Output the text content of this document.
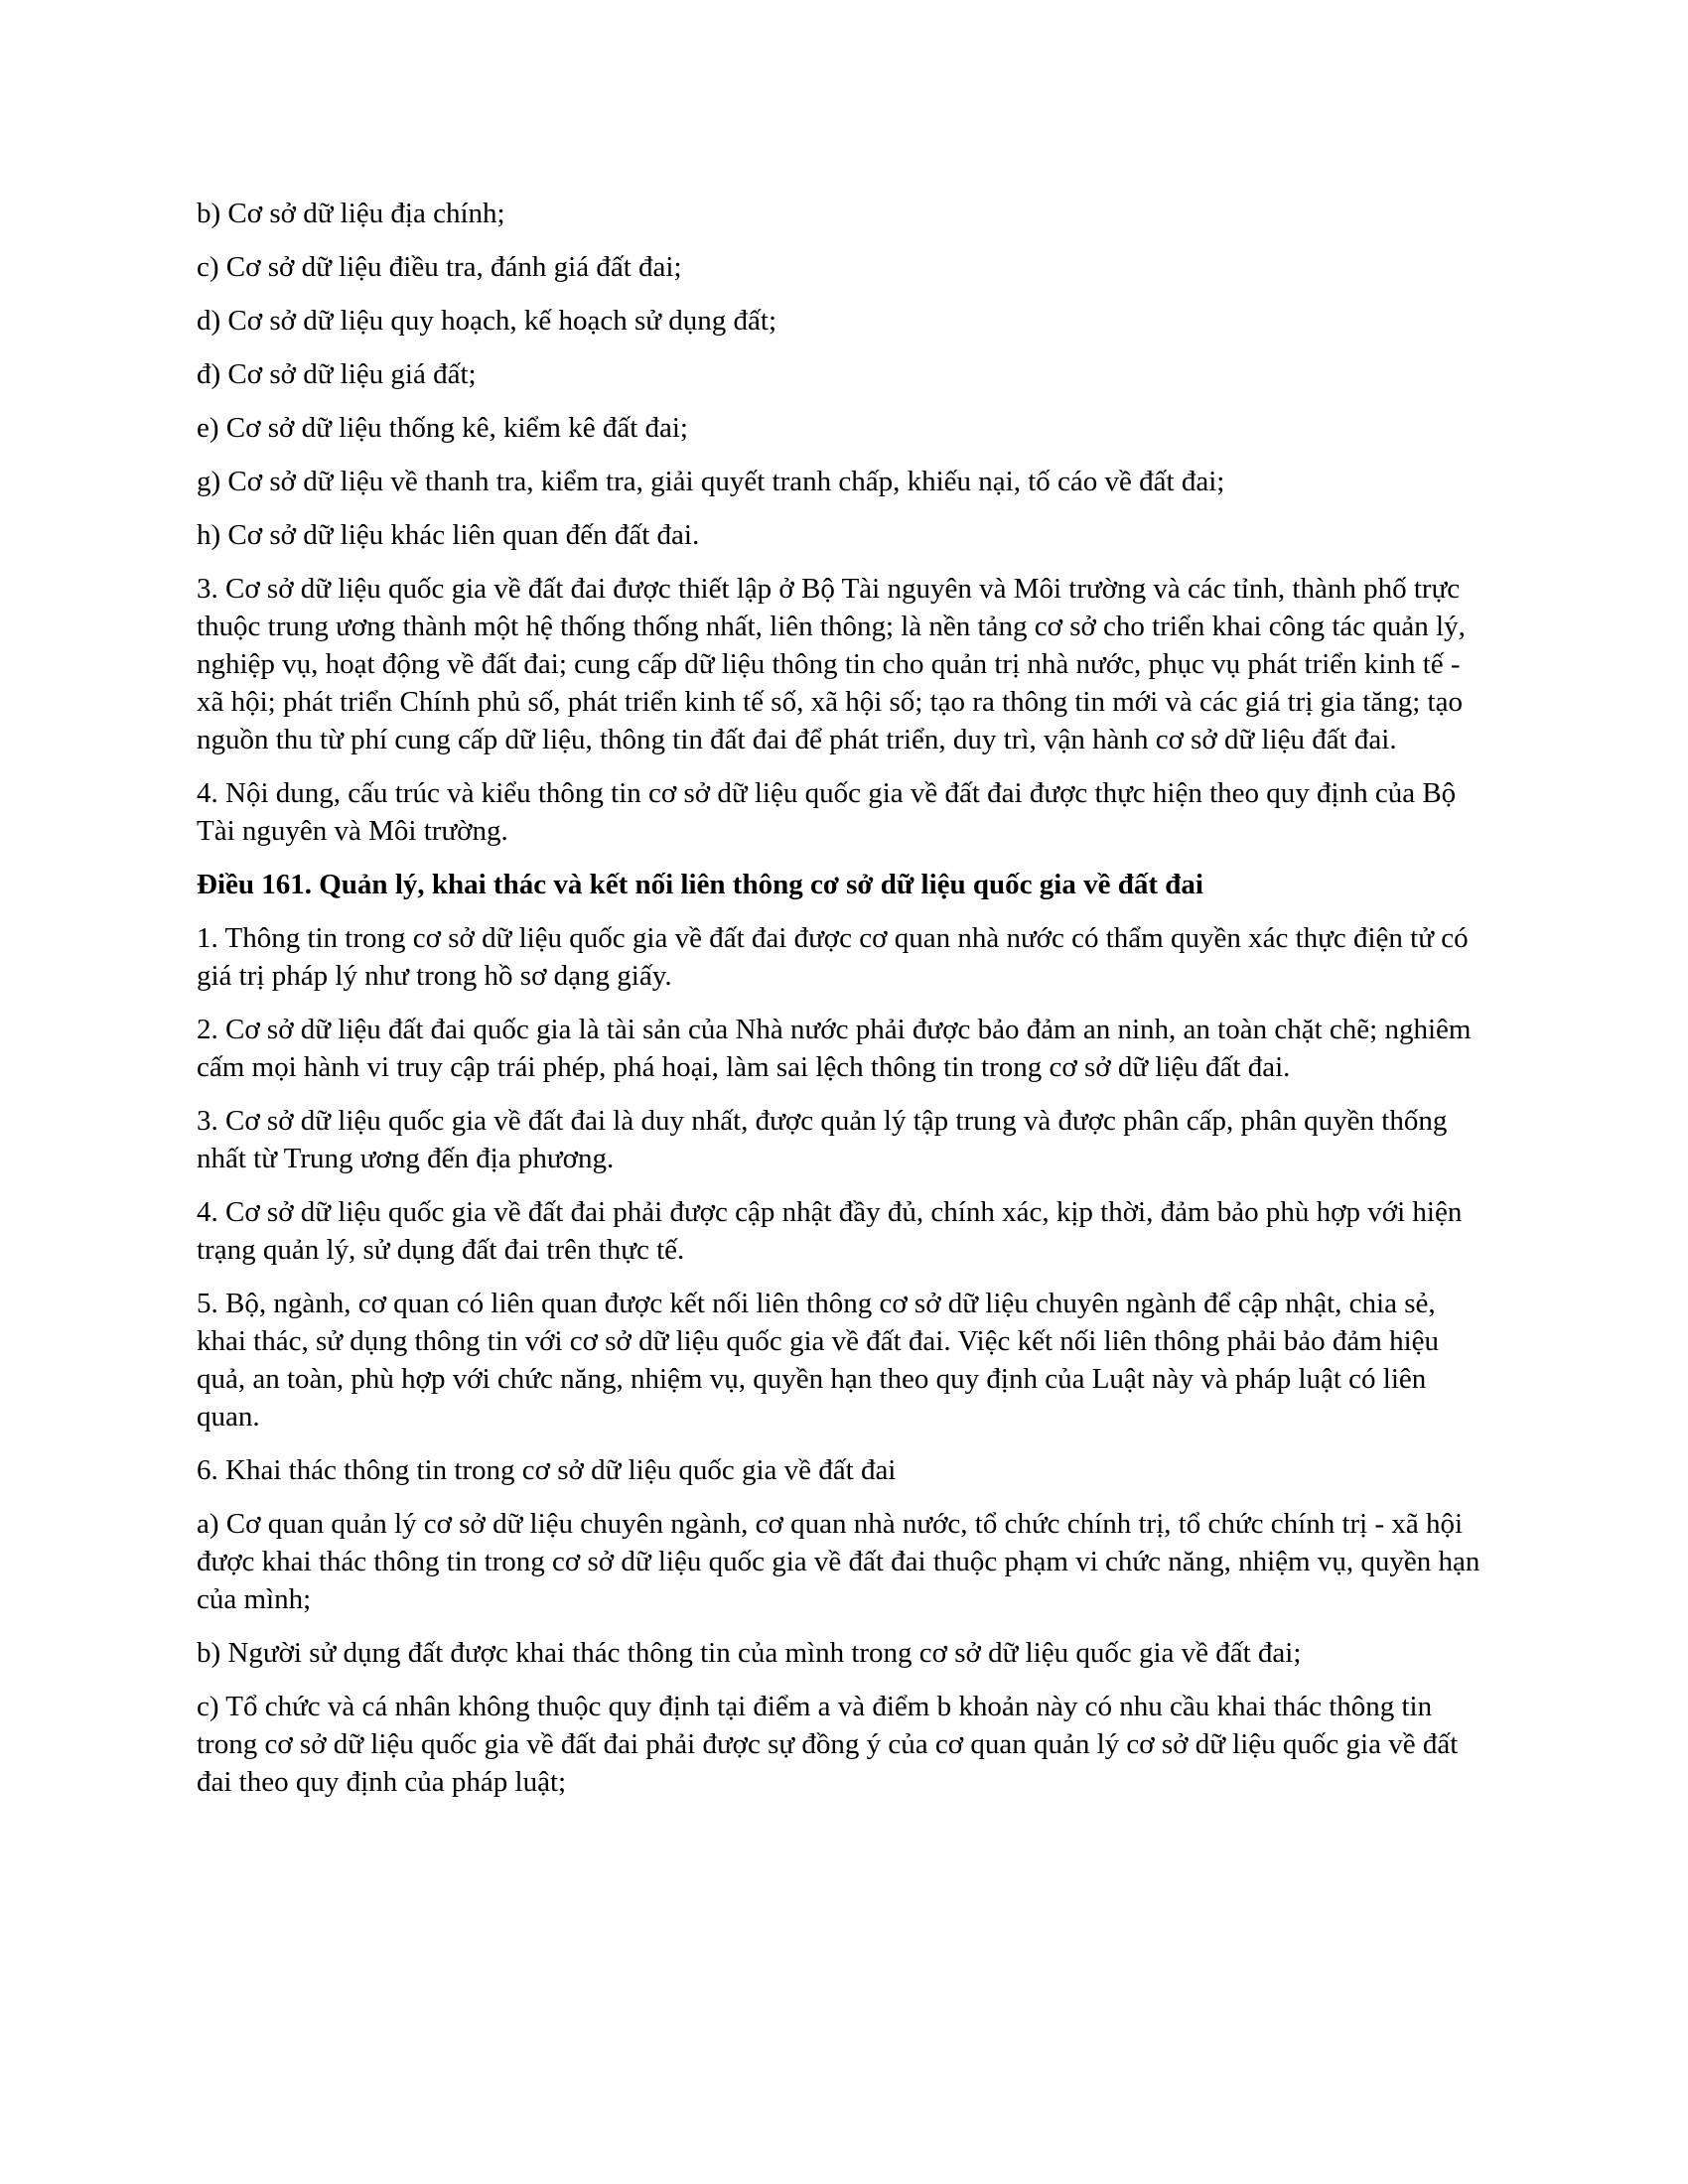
b) Cơ sở dữ liệu địa chính;

c) Cơ sở dữ liệu điều tra, đánh giá đất đai;

d) Cơ sở dữ liệu quy hoạch, kế hoạch sử dụng đất;

đ) Cơ sở dữ liệu giá đất;

e) Cơ sở dữ liệu thống kê, kiểm kê đất đai;

g) Cơ sở dữ liệu về thanh tra, kiểm tra, giải quyết tranh chấp, khiếu nại, tố cáo về đất đai;

h) Cơ sở dữ liệu khác liên quan đến đất đai.

3. Cơ sở dữ liệu quốc gia về đất đai được thiết lập ở Bộ Tài nguyên và Môi trường và các tỉnh, thành phố trực thuộc trung ương thành một hệ thống thống nhất, liên thông; là nền tảng cơ sở cho triển khai công tác quản lý, nghiệp vụ, hoạt động về đất đai; cung cấp dữ liệu thông tin cho quản trị nhà nước, phục vụ phát triển kinh tế - xã hội; phát triển Chính phủ số, phát triển kinh tế số, xã hội số; tạo ra thông tin mới và các giá trị gia tăng; tạo nguồn thu từ phí cung cấp dữ liệu, thông tin đất đai để phát triển, duy trì, vận hành cơ sở dữ liệu đất đai.

4. Nội dung, cấu trúc và kiểu thông tin cơ sở dữ liệu quốc gia về đất đai được thực hiện theo quy định của Bộ Tài nguyên và Môi trường.

Điều 161. Quản lý, khai thác và kết nối liên thông cơ sở dữ liệu quốc gia về đất đai

1. Thông tin trong cơ sở dữ liệu quốc gia về đất đai được cơ quan nhà nước có thẩm quyền xác thực điện tử có giá trị pháp lý như trong hồ sơ dạng giấy.

2. Cơ sở dữ liệu đất đai quốc gia là tài sản của Nhà nước phải được bảo đảm an ninh, an toàn chặt chẽ; nghiêm cấm mọi hành vi truy cập trái phép, phá hoại, làm sai lệch thông tin trong cơ sở dữ liệu đất đai.

3. Cơ sở dữ liệu quốc gia về đất đai là duy nhất, được quản lý tập trung và được phân cấp, phân quyền thống nhất từ Trung ương đến địa phương.

4. Cơ sở dữ liệu quốc gia về đất đai phải được cập nhật đầy đủ, chính xác, kịp thời, đảm bảo phù hợp với hiện trạng quản lý, sử dụng đất đai trên thực tế.

5. Bộ, ngành, cơ quan có liên quan được kết nối liên thông cơ sở dữ liệu chuyên ngành để cập nhật, chia sẻ, khai thác, sử dụng thông tin với cơ sở dữ liệu quốc gia về đất đai. Việc kết nối liên thông phải bảo đảm hiệu quả, an toàn, phù hợp với chức năng, nhiệm vụ, quyền hạn theo quy định của Luật này và pháp luật có liên quan.

6. Khai thác thông tin trong cơ sở dữ liệu quốc gia về đất đai

a) Cơ quan quản lý cơ sở dữ liệu chuyên ngành, cơ quan nhà nước, tổ chức chính trị, tổ chức chính trị - xã hội được khai thác thông tin trong cơ sở dữ liệu quốc gia về đất đai thuộc phạm vi chức năng, nhiệm vụ, quyền hạn của mình;

b) Người sử dụng đất được khai thác thông tin của mình trong cơ sở dữ liệu quốc gia về đất đai;

c) Tổ chức và cá nhân không thuộc quy định tại điểm a và điểm b khoản này có nhu cầu khai thác thông tin trong cơ sở dữ liệu quốc gia về đất đai phải được sự đồng ý của cơ quan quản lý cơ sở dữ liệu quốc gia về đất đai theo quy định của pháp luật;
